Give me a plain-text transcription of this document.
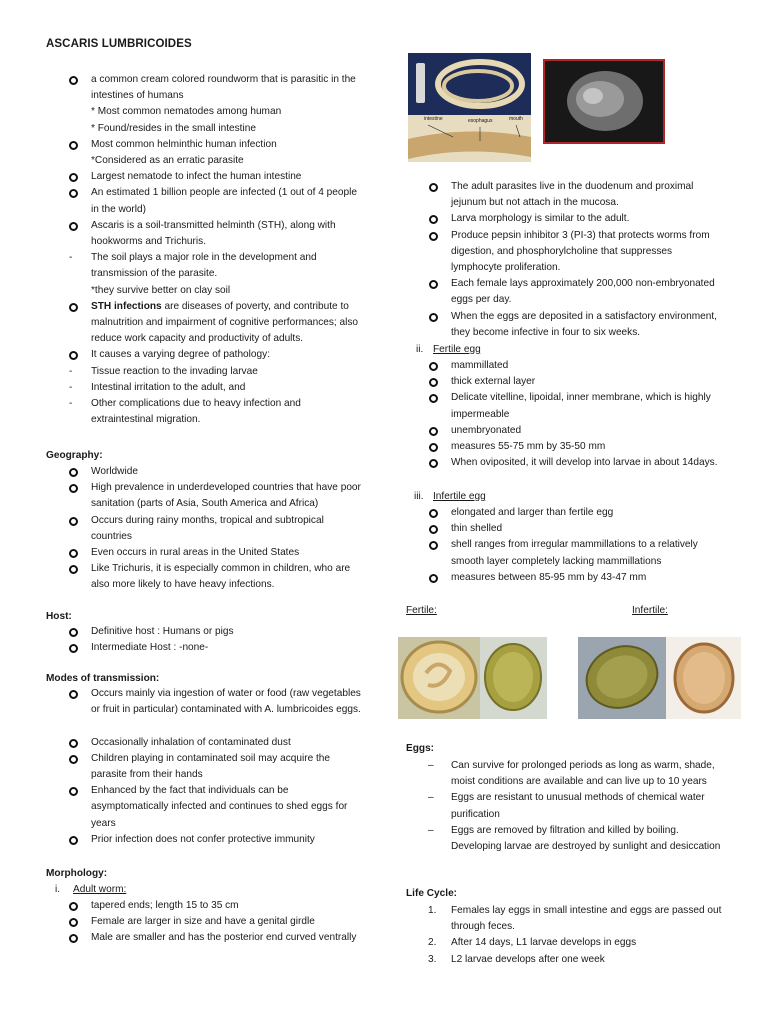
ASCARIS LUMBRICOIDES
intestine	esophagus	mouth
a common cream colored roundworm that is parasitic in the intestines of humans
* Most common nematodes among human
* Found/resides in the small intestine
Most common helminthic human infection
*Considered as an erratic parasite
Largest nematode to infect the human intestine
An estimated 1 billion people are infected (1 out of 4 people in the world)
Ascaris is a soil-transmitted helminth (STH), along with hookworms and Trichuris.
- The soil plays a major role in the development and transmission of the parasite.
*they survive better on clay soil
STH infections are diseases of poverty, and contribute to malnutrition and impairment of cognitive performances; also reduce work capacity and productivity of adults.
It causes a varying degree of pathology:
- Tissue reaction to the invading larvae
- Intestinal irritation to the adult, and
- Other complications due to heavy infection and extraintestinal migration.
Geography:
Worldwide
High prevalence in underdeveloped countries that have poor sanitation (parts of Asia, South America and Africa)
Occurs during rainy months, tropical and subtropical countries
Even occurs in rural areas in the United States
Like Trichuris, it is especially common in children, who are also more likely to have heavy infections.
Host:
Definitive host : Humans or pigs
Intermediate Host : -none-
Modes of transmission:
Occurs mainly via ingestion of water or food (raw vegetables or fruit in particular) contaminated with A. lumbricoides eggs.
Occasionally inhalation of contaminated dust
Children playing in contaminated soil may acquire the parasite from their hands
Enhanced by the fact that individuals can be asymptomatically infected and continues to shed eggs for years
Prior infection does not confer protective immunity
Morphology:
i. Adult worm:
tapered ends; length 15 to 35 cm
Female are larger in size and have a genital girdle
Male are smaller and has the posterior end curved ventrally
The adult parasites live in the duodenum and proximal jejunum but not attach in the mucosa.
Larva morphology is similar to the adult.
Produce pepsin inhibitor 3 (PI-3) that protects worms from digestion, and phosphorylcholine that suppresses lymphocyte proliferation.
Each female lays approximately 200,000 non-embryonated eggs per day.
When the eggs are deposited in a satisfactory environment, they become infective in four to six weeks.
ii. Fertile egg
mammillated
thick external layer
Delicate vitelline, lipoidal, inner membrane, which is highly impermeable
unembryonated
measures 55-75 mm by 35-50 mm
When oviposited, it will develop into larvae in about 14days.
iii. Infertile egg
elongated and larger than fertile egg
thin shelled
shell ranges from irregular mammillations to a relatively smooth layer completely lacking mammillations
measures between 85-95 mm by 43-47 mm
Fertile:	Infertile:
Eggs:
– Can survive for prolonged periods as long as warm, shade, moist conditions are available and can live up to 10 years
– Eggs are resistant to unusual methods of chemical water purification
– Eggs are removed by filtration and killed by boiling. Developing larvae are destroyed by sunlight and desiccation
Life Cycle:
1. Females lay eggs in small intestine and eggs are passed out through feces.
2. After 14 days, L1 larvae develops in eggs
3. L2 larvae develops after one week
